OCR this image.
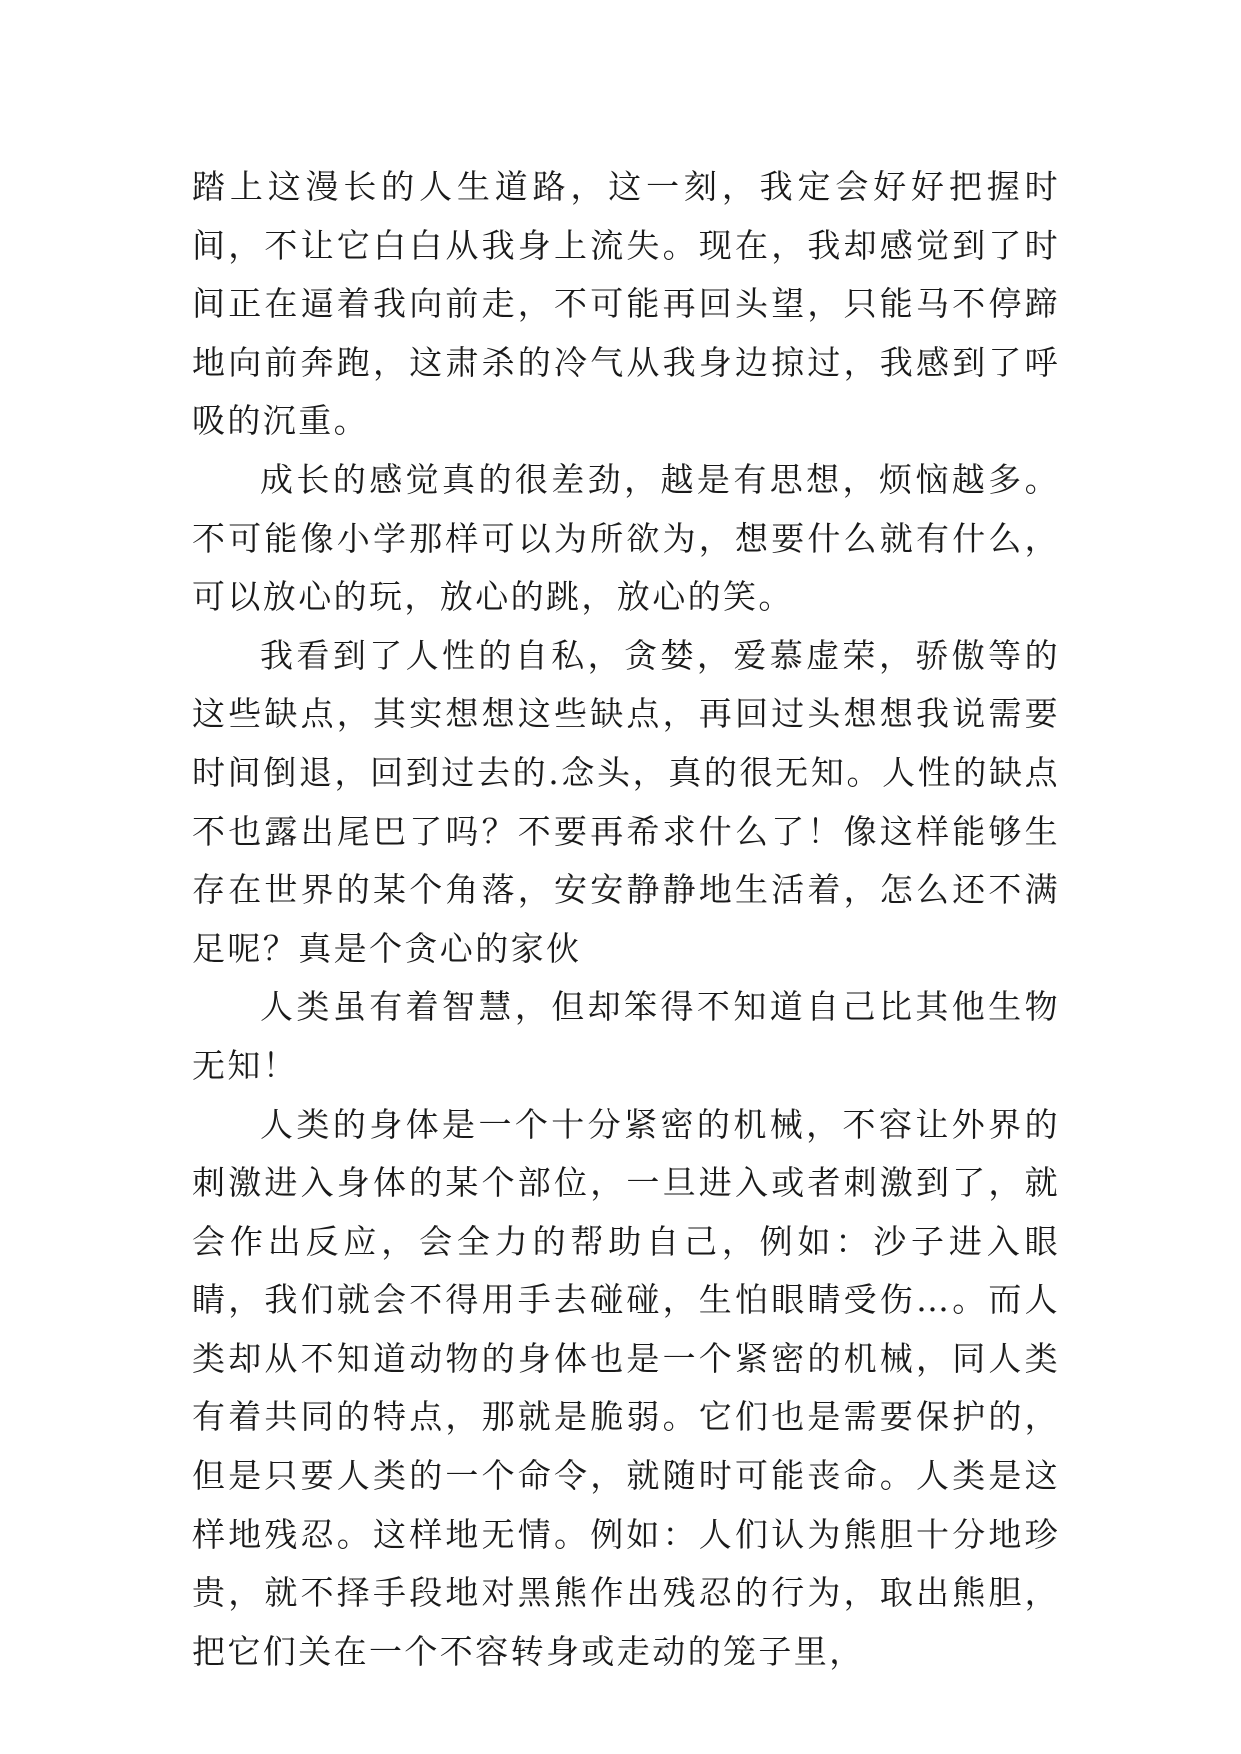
踏上这漫长的人生道路，这一刻，我定会好好把握时间，不让它白白从我身上流失。现在，我却感觉到了时间正在逼着我向前走，不可能再回头望，只能马不停蹄地向前奔跑，这肃杀的冷气从我身边掠过，我感到了呼吸的沉重。

成长的感觉真的很差劲，越是有思想，烦恼越多。不可能像小学那样可以为所欲为，想要什么就有什么，可以放心的玩，放心的跳，放心的笑。

我看到了人性的自私，贪婪，爱慕虚荣，骄傲等的这些缺点，其实想想这些缺点，再回过头想想我说需要时间倒退，回到过去的.念头，真的很无知。人性的缺点不也露出尾巴了吗？不要再希求什么了！像这样能够生存在世界的某个角落，安安静静地生活着，怎么还不满足呢？真是个贪心的家伙

人类虽有着智慧，但却笨得不知道自己比其他生物无知！

人类的身体是一个十分紧密的机械，不容让外界的刺激进入身体的某个部位，一旦进入或者刺激到了，就会作出反应，会全力的帮助自己，例如：沙子进入眼睛，我们就会不得用手去碰碰，生怕眼睛受伤…。而人类却从不知道动物的身体也是一个紧密的机械，同人类有着共同的特点，那就是脆弱。它们也是需要保护的，但是只要人类的一个命令，就随时可能丧命。人类是这样地残忍。这样地无情。例如：人们认为熊胆十分地珍贵，就不择手段地对黑熊作出残忍的行为，取出熊胆，把它们关在一个不容转身或走动的笼子里，
